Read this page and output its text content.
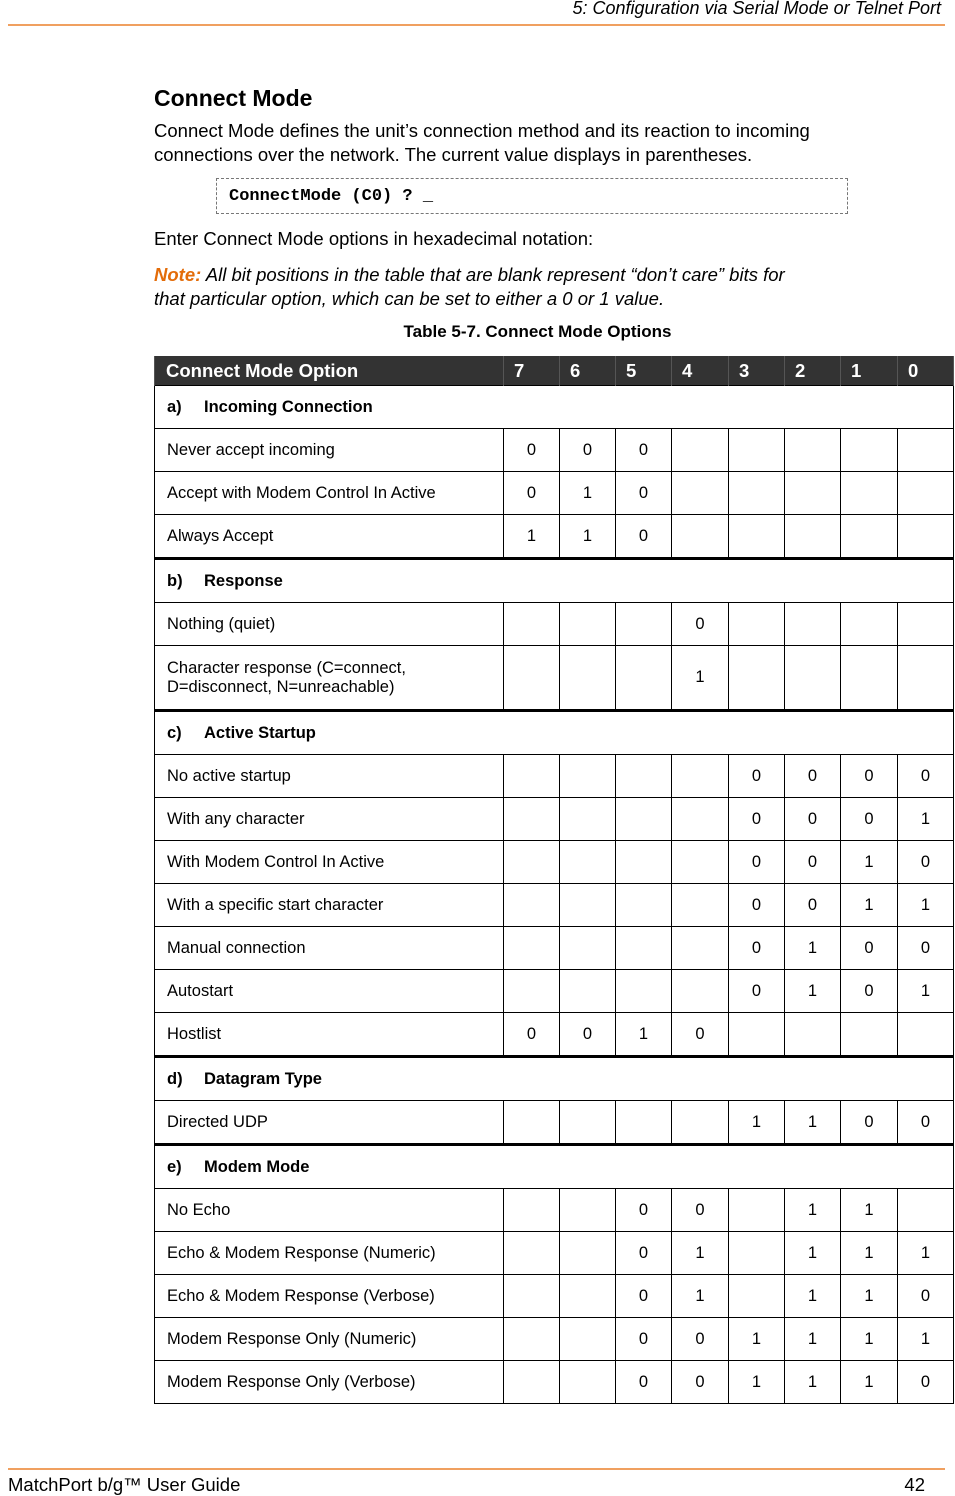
5: Configuration via Serial Mode or Telnet Port
Connect Mode

Connect Mode defines the unit’s connection method and its reaction to incoming

connections over the network. The current value displays in parentheses.

ConnectMode (C0) ? _

Enter Connect Mode options in hexadecimal notation:

Note: All bit positions in the table that are blank represent “don’t care” bits for
that particular option, which can be set to either a 0 or 1 value.

Table 5-7. Connect Mode Options
Connect Mode Option	7	6	5	4	3	2	1	0
a) Incoming Connection								
Never accept incoming	0	0	0					
Accept with Modem Control In Active	0	1	0					
Always Accept	1	1	0					
b) Response								
Nothing (quiet)				0				
Character response (C=connect,
D=disconnect, N=unreachable)				1				
c) Active Startup								
No active startup					0	0	0	0
With any character					0	0	0	1
With Modem Control In Active					0	0	1	0
With a specific start character					0	0	1	1
Manual connection					0	1	0	0
Autostart					0	1	0	1
Hostlist	0	0	1	0				
d) Datagram Type								
Directed UDP					1	1	0	0
e) Modem Mode								
No Echo			0	0		1	1	
Echo & Modem Response (Numeric)			0	1		1	1	1
Echo & Modem Response (Verbose)			0	1		1	1	0
Modem Response Only (Numeric)			0	0	1	1	1	1
Modem Response Only (Verbose)			0	0	1	1	1	0
MatchPort b/g™ User Guide	42
